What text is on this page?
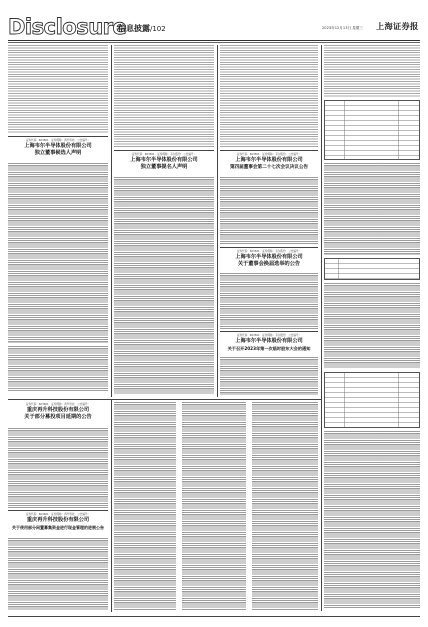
Disclosure
信息披露/102	2023年12月13日 星期三 上海证券报
证券代码：603601　证券简称：再升科技　公告编号：
上海韦尔半导体股份有限公司
独立董事候选人声明	证券代码：603501　证券简称：韦尔股份　公告编号：
上海韦尔半导体股份有限公司
独立董事提名人声明
证券代码：603501　证券简称：韦尔股份　公告编号：
上海韦尔半导体股份有限公司
第四届董事会第二十七次会议决议公告
证券代码：603501　证券简称：韦尔股份　公告编号：
上海韦尔半导体股份有限公司
关于董事会换届选举的公告
证券代码：603501　证券简称：韦尔股份　公告编号：
上海韦尔半导体股份有限公司
关于召开2023年第一次临时股东大会的通知
证券代码：603601　证券简称：再升科技　公告编号：
重庆再升科技股份有限公司
关于部分募投项目延期的公告
证券代码：603601　证券简称：再升科技　公告编号：
重庆再升科技股份有限公司
关于使用部分闲置募集资金进行现金管理的进展公告
